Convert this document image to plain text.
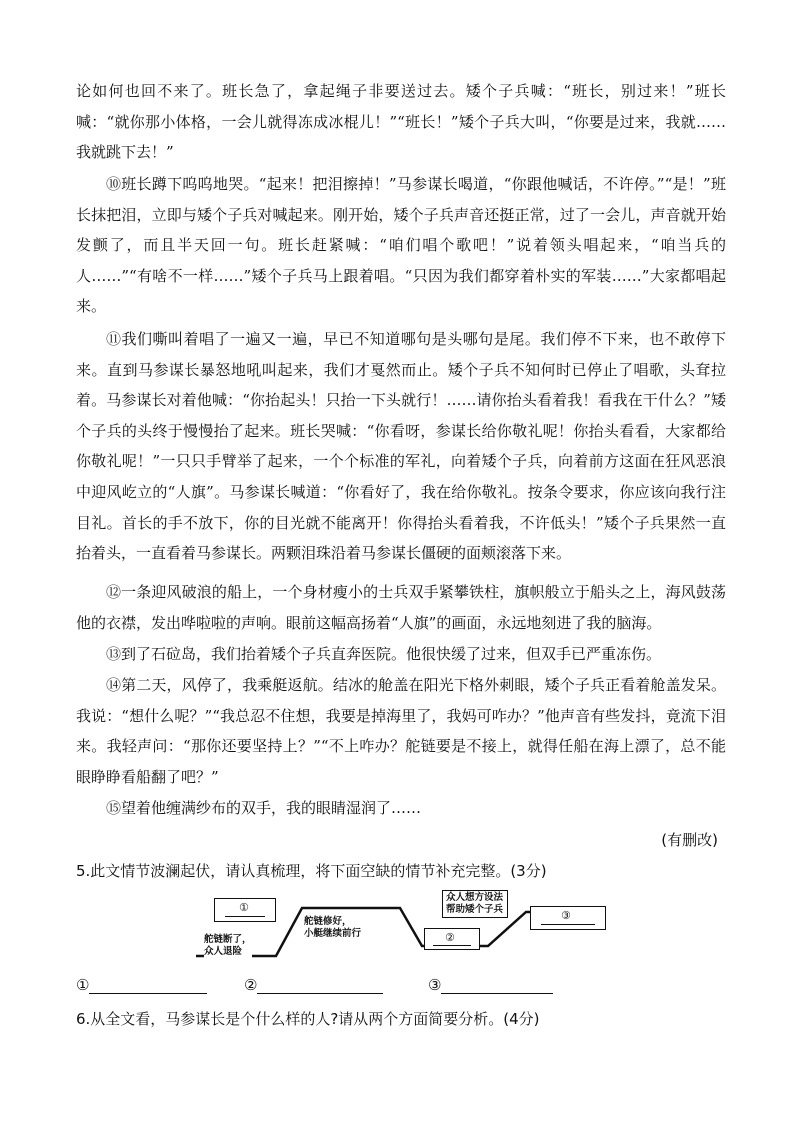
论如何也回不来了。班长急了，拿起绳子非要送过去。矮个子兵喊：“班长，别过来！”班长喊：“就你那小体格，一会儿就得冻成冰棍儿！”“班长！”矮个子兵大叫，“你要是过来，我就……我就跳下去！”

⑩班长蹲下呜呜地哭。“起来！把泪擦掉！”马参谋长喝道，“你跟他喊话，不许停。”“是！”班长抹把泪，立即与矮个子兵对喊起来。刚开始，矮个子兵声音还挺正常，过了一会儿，声音就开始发颤了，而且半天回一句。班长赶紧喊：“咱们唱个歌吧！”说着领头唱起来，“咱当兵的人……”“有啥不一样……”矮个子兵马上跟着唱。“只因为我们都穿着朴实的军装……”大家都唱起来。

⑪我们嘶叫着唱了一遍又一遍，早已不知道哪句是头哪句是尾。我们停不下来，也不敢停下来。直到马参谋长暴怒地吼叫起来，我们才戛然而止。矮个子兵不知何时已停止了唱歌，头耷拉着。马参谋长对着他喊：“你抬起头！只抬一下头就行！……请你抬头看着我！看我在干什么？”矮个子兵的头终于慢慢抬了起来。班长哭喊：“你看呀，参谋长给你敬礼呢！你抬头看看，大家都给你敬礼呢！”一只只手臂举了起来，一个个标准的军礼，向着矮个子兵，向着前方这面在狂风恶浪中迎风屹立的“人旗”。马参谋长喊道：“你看好了，我在给你敬礼。按条令要求，你应该向我行注目礼。首长的手不放下，你的目光就不能离开！你得抬头看着我，不许低头！”矮个子兵果然一直抬着头，一直看着马参谋长。两颗泪珠沿着马参谋长僵硬的面颊滚落下来。

⑫一条迎风破浪的船上，一个身材瘦小的士兵双手紧攀铁柱，旗帜般立于船头之上，海风鼓荡他的衣襟，发出哗啦啦的声响。眼前这幅高扬着“人旗”的画面，永远地刻进了我的脑海。

⑬到了石砬岛，我们抬着矮个子兵直奔医院。他很快缓了过来，但双手已严重冻伤。

⑭第二天，风停了，我乘艇返航。结冰的舱盖在阳光下格外刺眼，矮个子兵正看着舱盖发呆。我说：“想什么呢？”“我总忍不住想，我要是掉海里了，我妈可咋办？”他声音有些发抖，竟流下泪来。我轻声问：“那你还要坚持上？”“不上咋办？舵链要是不接上，就得任船在海上漂了，总不能眼睁睁看船翻了吧？”

⑮望着他缠满纱布的双手，我的眼睛湿润了……

(有删改)
5.此文情节波澜起伏，请认真梳理，将下面空缺的情节补充完整。(3分)
①
舵链断了，
众人退险
舵链修好，
小艇继续前行	②
众人想方设法
帮助矮个子兵	③
①	②	③
6.从全文看，马参谋长是个什么样的人?请从两个方面简要分析。(4分)
